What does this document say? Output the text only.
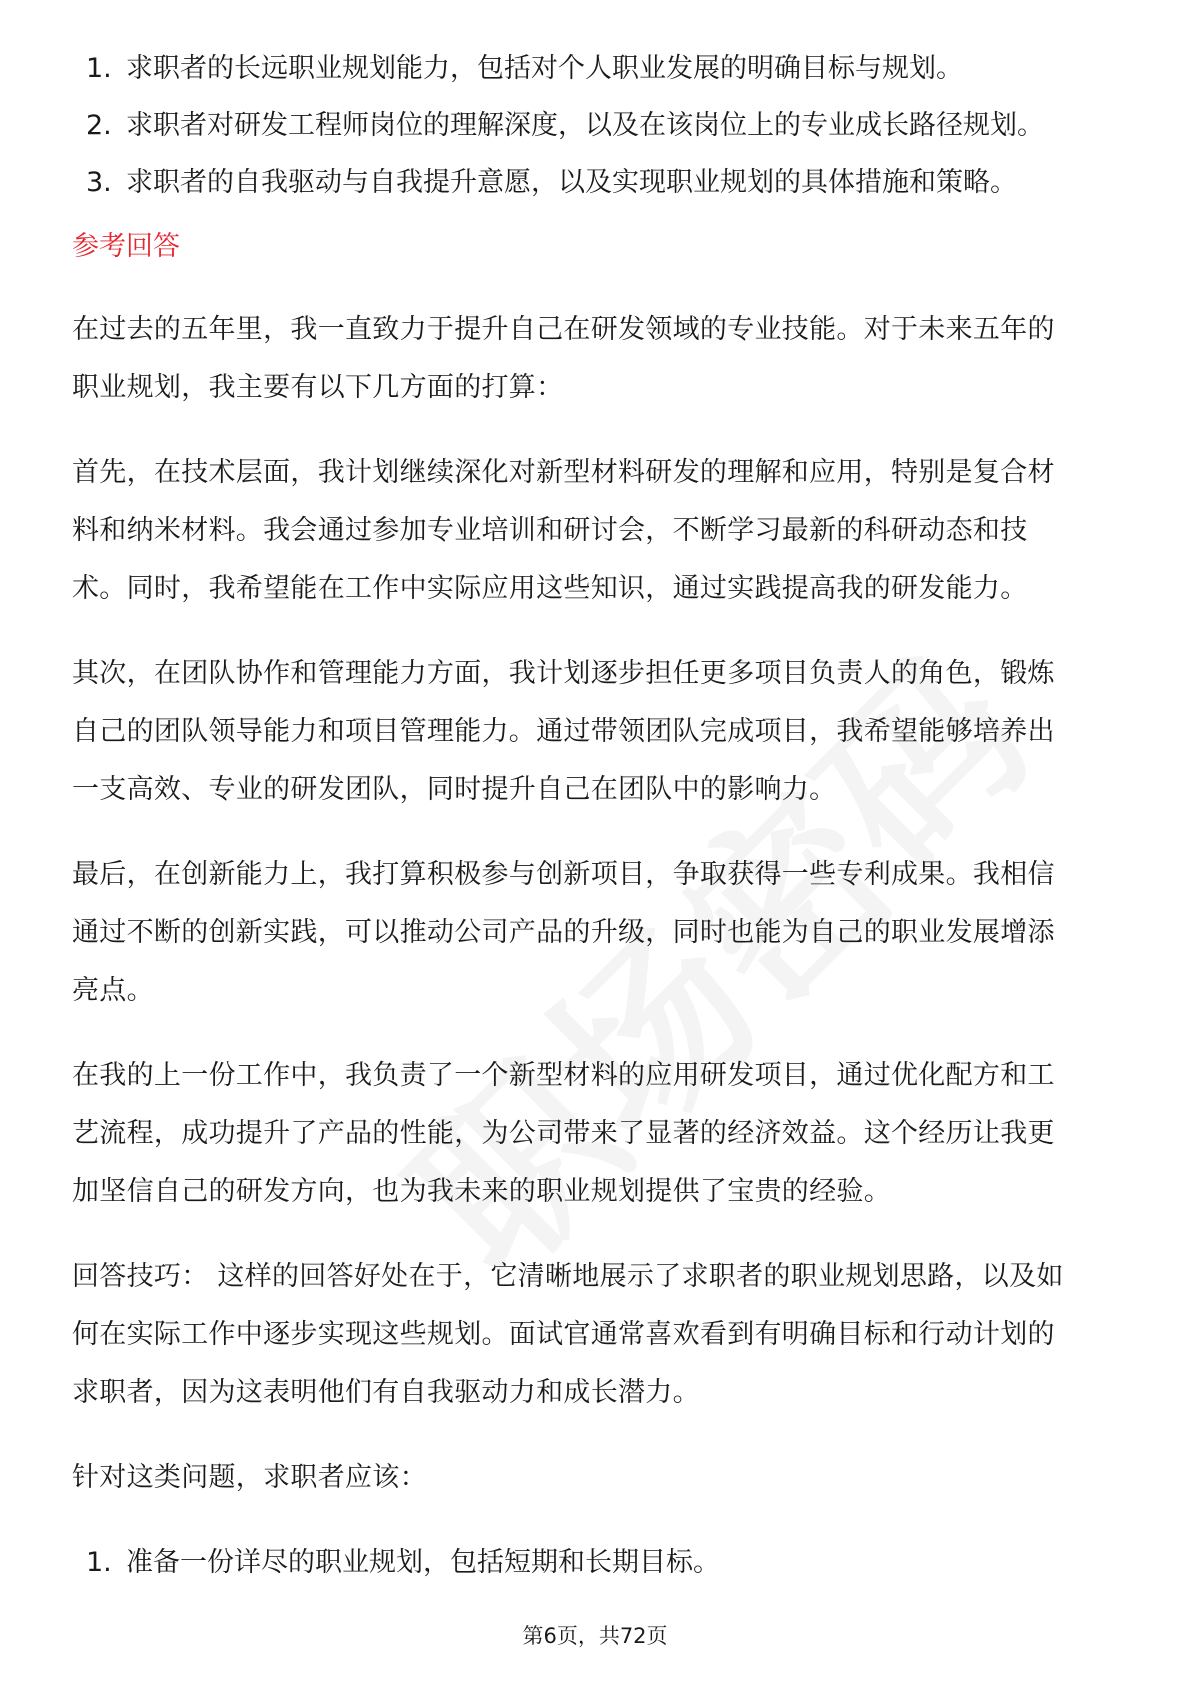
1. 求职者的长远职业规划能力，包括对个人职业发展的明确目标与规划。
2. 求职者对研发工程师岗位的理解深度，以及在该岗位上的专业成长路径规划。
3. 求职者的自我驱动与自我提升意愿，以及实现职业规划的具体措施和策略。
参考回答

在过去的五年里，我一直致力于提升自己在研发领域的专业技能。对于未来五年的
职业规划，我主要有以下几方面的打算：

首先，在技术层面，我计划继续深化对新型材料研发的理解和应用，特别是复合材
料和纳米材料。我会通过参加专业培训和研讨会，不断学习最新的科研动态和技
术。同时，我希望能在工作中实际应用这些知识，通过实践提高我的研发能力。

其次，在团队协作和管理能力方面，我计划逐步担任更多项目负责人的角色，锻炼
自己的团队领导能力和项目管理能力。通过带领团队完成项目，我希望能够培养出
一支高效、专业的研发团队，同时提升自己在团队中的影响力。

最后，在创新能力上，我打算积极参与创新项目，争取获得一些专利成果。我相信
通过不断的创新实践，可以推动公司产品的升级，同时也能为自己的职业发展增添
亮点。

在我的上一份工作中，我负责了一个新型材料的应用研发项目，通过优化配方和工
艺流程，成功提升了产品的性能，为公司带来了显著的经济效益。这个经历让我更
加坚信自己的研发方向，也为我未来的职业规划提供了宝贵的经验。

回答技巧： 这样的回答好处在于，它清晰地展示了求职者的职业规划思路，以及如
何在实际工作中逐步实现这些规划。面试官通常喜欢看到有明确目标和行动计划的
求职者，因为这表明他们有自我驱动力和成长潜力。

针对这类问题，求职者应该：

1. 准备一份详尽的职业规划，包括短期和长期目标。
第6页，共72页
